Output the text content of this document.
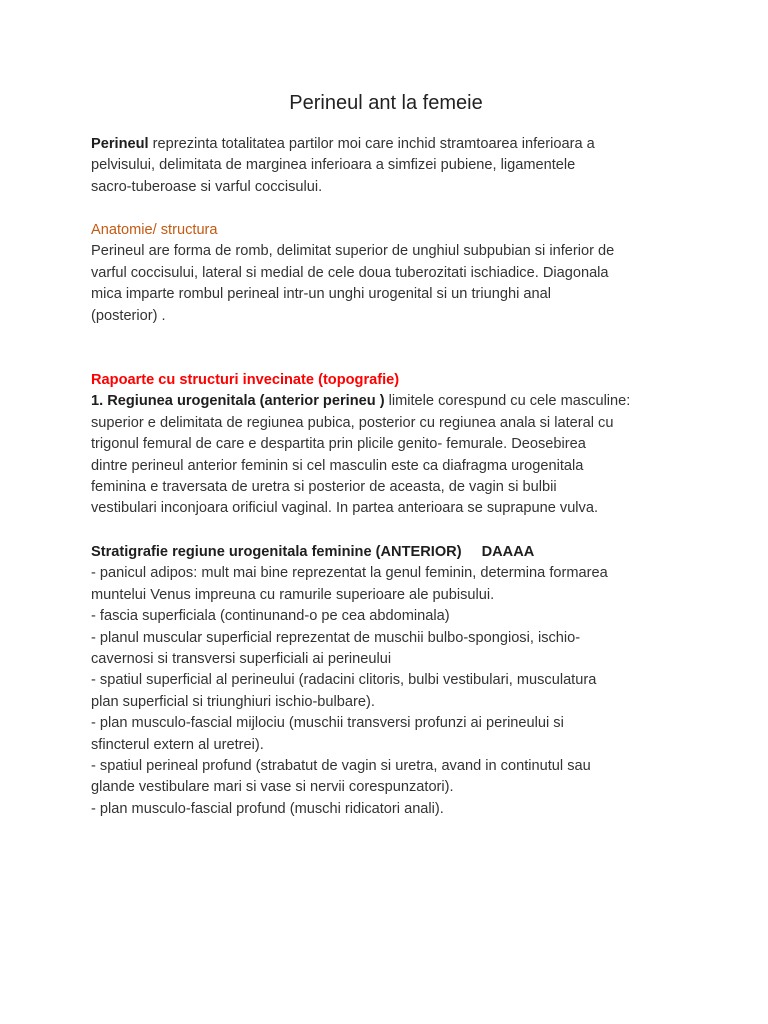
Perineul ant la femeie
Perineul reprezinta totalitatea partilor moi care inchid stramtoarea inferioara a
pelvisului, delimitata de marginea inferioara a simfizei pubiene, ligamentele
sacro-tuberoase si varful coccisului.
Anatomie/ structura
Perineul are forma de romb, delimitat superior de unghiul subpubian si inferior de
varful coccisului, lateral si medial de cele doua tuberozitati ischiadice. Diagonala
mica imparte rombul perineal intr-un unghi urogenital si un triunghi anal
(posterior) .
Rapoarte cu structuri invecinate (topografie)
1. Regiunea urogenitala (anterior perineu ) limitele corespund cu cele masculine:
superior e delimitata de regiunea pubica, posterior cu regiunea anala si lateral cu
trigonul femural de care e despartita prin plicile genito- femurale. Deosebirea
dintre perineul anterior feminin si cel masculin este ca diafragma urogenitala
feminina e traversata de uretra si posterior de aceasta, de vagin si bulbii
vestibulari inconjoara orificiul vaginal. In partea anterioara se suprapune vulva.
Stratigrafie regiune urogenitala feminine (ANTERIOR) DAAAA
- panicul adipos: mult mai bine reprezentat la genul feminin, determina formarea
muntelui Venus impreuna cu ramurile superioare ale pubisului.
- fascia superficiala (continunand-o pe cea abdominala)
- planul muscular superficial reprezentat de muschii bulbo-spongiosi, ischio-
cavernosi si transversi superficiali ai perineului
- spatiul superficial al perineului (radacini clitoris, bulbi vestibulari, musculatura
plan superficial si triunghiuri ischio-bulbare).
- plan musculo-fascial mijlociu (muschii transversi profunzi ai perineului si
sfincterul extern al uretrei).
- spatiul perineal profund (strabatut de vagin si uretra, avand in continutul sau
glande vestibulare mari si vase si nervii corespunzatori).
- plan musculo-fascial profund (muschi ridicatori anali).
